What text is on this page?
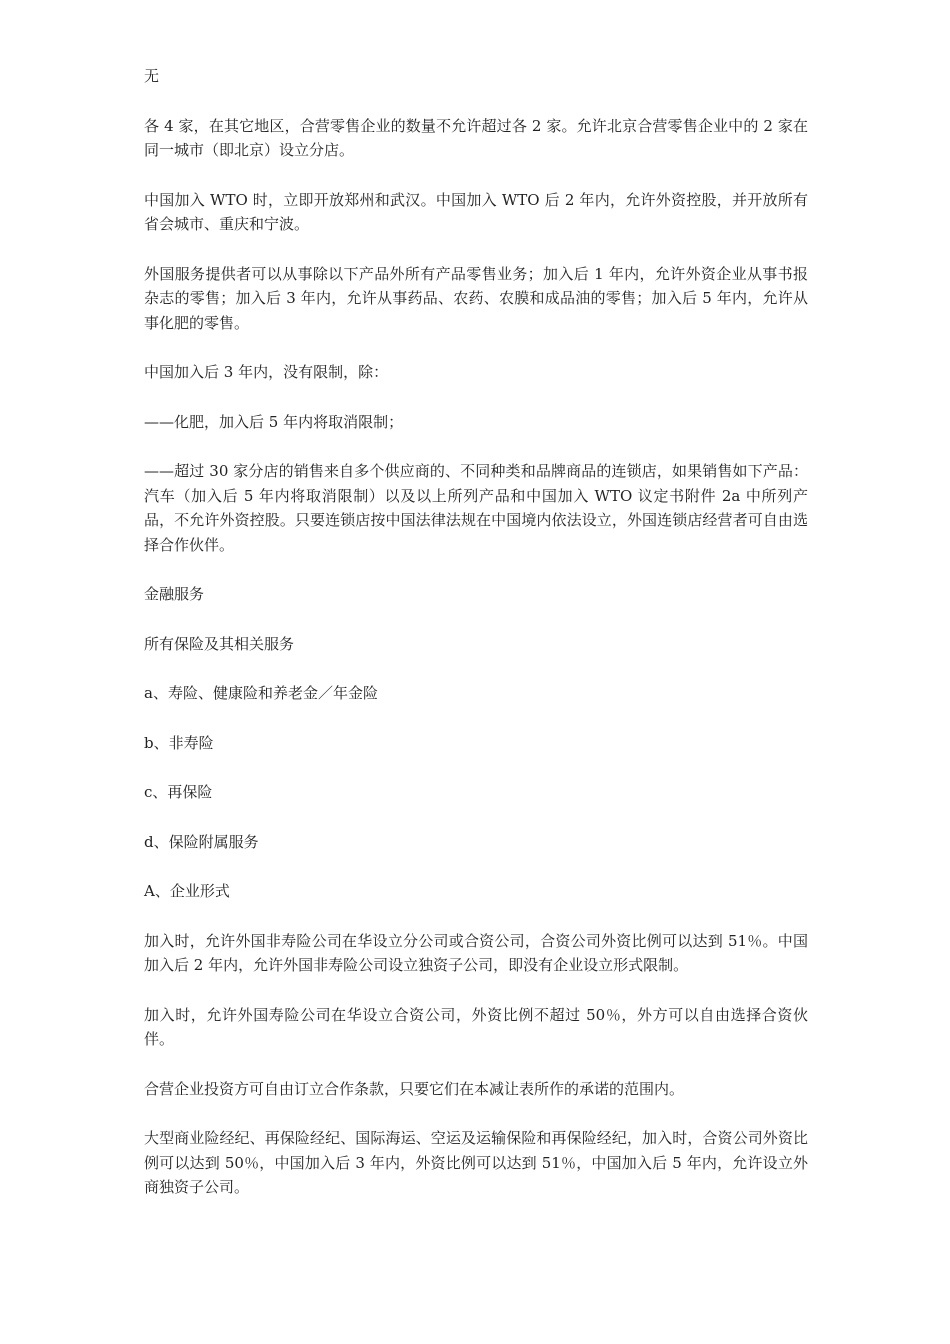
无

各 4 家，在其它地区，合营零售企业的数量不允许超过各 2 家。允许北京合营零售企业中的 2 家在同一城市（即北京）设立分店。

中国加入 WTO 时，立即开放郑州和武汉。中国加入 WTO 后 2 年内，允许外资控股，并开放所有省会城市、重庆和宁波。

外国服务提供者可以从事除以下产品外所有产品零售业务；加入后 1 年内，允许外资企业从事书报杂志的零售；加入后 3 年内，允许从事药品、农药、农膜和成品油的零售；加入后 5 年内，允许从事化肥的零售。

中国加入后 3 年内，没有限制，除：

——化肥，加入后 5 年内将取消限制；

——超过 30 家分店的销售来自多个供应商的、不同种类和品牌商品的连锁店，如果销售如下产品：汽车（加入后 5 年内将取消限制）以及以上所列产品和中国加入 WTO 议定书附件 2a 中所列产品，不允许外资控股。只要连锁店按中国法律法规在中国境内依法设立，外国连锁店经营者可自由选择合作伙伴。

金融服务

所有保险及其相关服务

a、寿险、健康险和养老金／年金险

b、非寿险

c、再保险

d、保险附属服务

A、企业形式

加入时，允许外国非寿险公司在华设立分公司或合资公司，合资公司外资比例可以达到 51％。中国加入后 2 年内，允许外国非寿险公司设立独资子公司，即没有企业设立形式限制。

加入时，允许外国寿险公司在华设立合资公司，外资比例不超过 50％，外方可以自由选择合资伙伴。

合营企业投资方可自由订立合作条款，只要它们在本减让表所作的承诺的范围内。

大型商业险经纪、再保险经纪、国际海运、空运及运输保险和再保险经纪，加入时，合资公司外资比例可以达到 50％，中国加入后 3 年内，外资比例可以达到 51％，中国加入后 5 年内，允许设立外商独资子公司。
